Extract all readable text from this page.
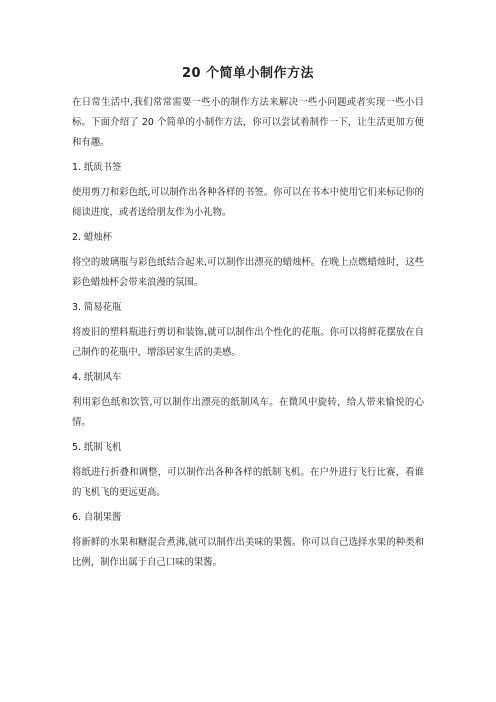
20 个简单小制作方法
在日常生活中,我们常常需要一些小的制作方法来解决一些小问题或者实现一些小目标。下面介绍了 20 个简单的小制作方法，你可以尝试着制作一下，让生活更加方便和有趣。
1. 纸质书签
使用剪刀和彩色纸,可以制作出各种各样的书签。你可以在书本中使用它们来标记你的阅读进度，或者送给朋友作为小礼物。
2. 蜡烛杯
将空的玻璃瓶与彩色纸结合起来,可以制作出漂亮的蜡烛杯。在晚上点燃蜡烛时，这些彩色蜡烛杯会带来浪漫的氛围。
3. 简易花瓶
将废旧的塑料瓶进行剪切和装饰,就可以制作出个性化的花瓶。你可以将鲜花摆放在自己制作的花瓶中，增添居家生活的美感。
4. 纸制风车
利用彩色纸和饮管,可以制作出漂亮的纸制风车。在微风中旋转，给人带来愉悦的心情。
5. 纸制飞机
将纸进行折叠和调整，可以制作出各种各样的纸制飞机。在户外进行飞行比赛，看谁的飞机飞的更远更高。
6. 自制果酱
将新鲜的水果和糖混合煮沸,就可以制作出美味的果酱。你可以自己选择水果的种类和比例，制作出属于自己口味的果酱。
